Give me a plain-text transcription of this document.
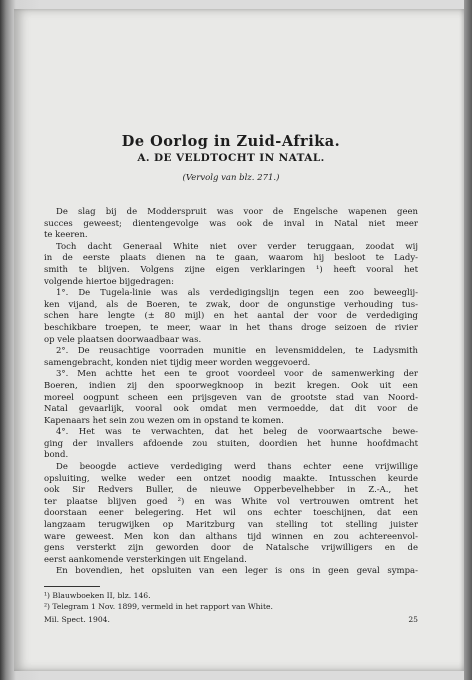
De Oorlog in Zuid-Afrika.
A. DE VELDTOCHT IN NATAL.

(Vervolg van blz. 271.)

De slag bij de Modderspruit was voor de Engelsche wapenen geen
succes geweest; dientengevolge was ook de inval in Natal niet meer
te keeren.
Toch dacht Generaal White niet over verder teruggaan, zoodat wij
in de eerste plaats dienen na te gaan, waarom hij besloot te Lady-
smith te blijven. Volgens zijne eigen verklaringen ¹) heeft vooral het
volgende hiertoe bijgedragen:
1°. De Tugela-linie was als verdedigingslijn tegen een zoo beweeglij-
ken vijand, als de Boeren, te zwak, door de ongunstige verhouding tus-
schen hare lengte (± 80 mijl) en het aantal der voor de verdediging
beschikbare troepen, te meer, waar in het thans droge seizoen de rivier
op vele plaatsen doorwaadbaar was.
2°. De reusachtige voorraden munitie en levensmiddelen, te Ladysmith
samengebracht, konden niet tijdig meer worden weggevoerd.
3°. Men achtte het een te groot voordeel voor de samenwerking der
Boeren, indien zij den spoorwegknoop in bezit kregen. Ook uit een
moreel oogpunt scheen een prijsgeven van de grootste stad van Noord-
Natal gevaarlijk, vooral ook omdat men vermoedde, dat dit voor de
Kapenaars het sein zou wezen om in opstand te komen.
4°. Het was te verwachten, dat het beleg de voorwaartsche bewe-
ging der invallers afdoende zou stuiten, doordien het hunne hoofdmacht
bond.
De beoogde actieve verdediging werd thans echter eene vrijwillige
opsluiting, welke weder een ontzet noodig maakte. Intusschen keurde
ook Sir Redvers Buller, de nieuwe Opperbevelhebber in Z.-A., het
ter plaatse blijven goed ²) en was White vol vertrouwen omtrent het
doorstaan eener belegering. Het wil ons echter toeschijnen, dat een
langzaam terugwijken op Maritzburg van stelling tot stelling juister
ware geweest. Men kon dan althans tijd winnen en zou achtereenvol-
gens versterkt zijn geworden door de Natalsche vrijwilligers en de
eerst aankomende versterkingen uit Engeland.
En bovendien, het opsluiten van een leger is ons in geen geval sympa-
¹) Blauwboeken II, blz. 146.
²) Telegram 1 Nov. 1899, vermeld in het rapport van White.
Mil. Spect. 1904.	25
